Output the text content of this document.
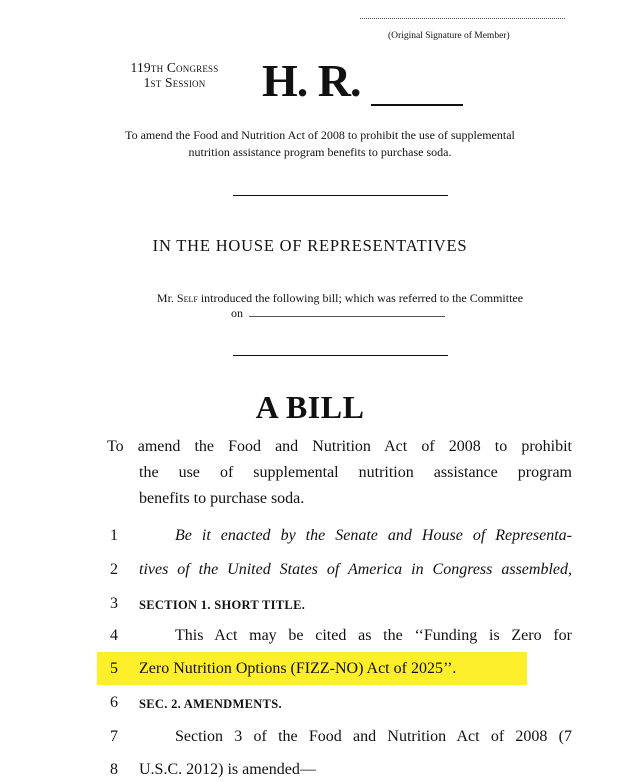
(Original Signature of Member)
119th Congress
1st Session	H. R.
To amend the Food and Nutrition Act of 2008 to prohibit the use of supplemental nutrition assistance program benefits to purchase soda.
IN THE HOUSE OF REPRESENTATIVES
Mr. Self introduced the following bill; which was referred to the Committee
on
A BILL
To amend the Food and Nutrition Act of 2008 to prohibit
the use of supplemental nutrition assistance program
benefits to purchase soda.
1	Be it enacted by the Senate and House of Representa-
2	tives of the United States of America in Congress assembled,
3	SECTION 1. SHORT TITLE.
4	This Act may be cited as the ‘‘Funding is Zero for
5	Zero Nutrition Options (FIZZ-NO) Act of 2025’’.
6	SEC. 2. AMENDMENTS.
7	Section 3 of the Food and Nutrition Act of 2008 (7
8	U.S.C. 2012) is amended—
